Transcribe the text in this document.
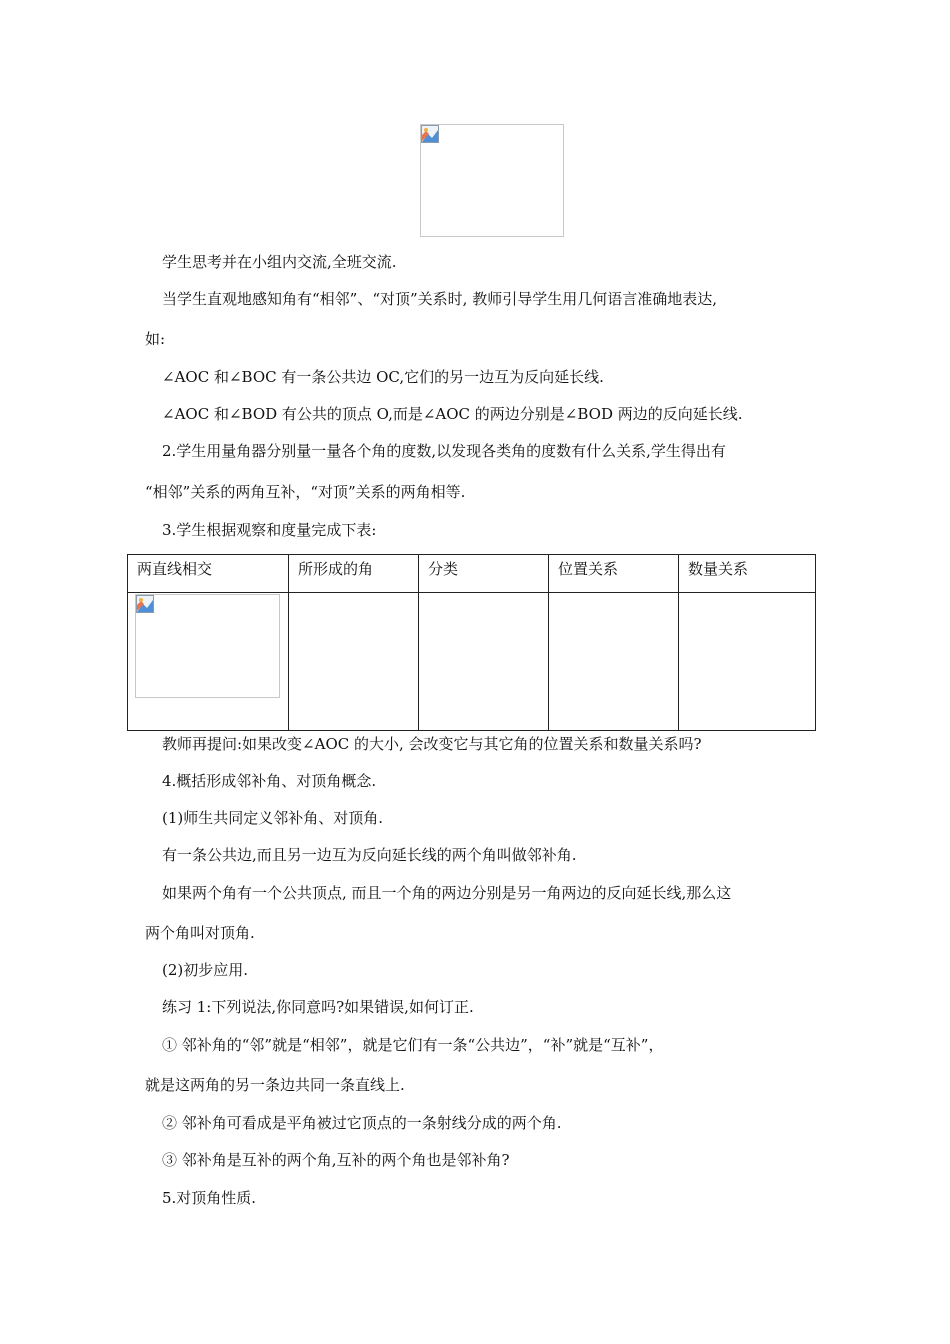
学生思考并在小组内交流,全班交流.
当学生直观地感知角有“相邻”、“对顶”关系时, 教师引导学生用几何语言准确地表达,
如:
∠AOC 和∠BOC 有一条公共边 OC,它们的另一边互为反向延长线.
∠AOC 和∠BOD 有公共的顶点 O,而是∠AOC 的两边分别是∠BOD 两边的反向延长线.
2.学生用量角器分别量一量各个角的度数,以发现各类角的度数有什么关系,学生得出有
“相邻”关系的两角互补，“对顶”关系的两角相等.
3.学生根据观察和度量完成下表:
两直线相交	所形成的角	分类	位置关系	数量关系

教师再提问:如果改变∠AOC 的大小, 会改变它与其它角的位置关系和数量关系吗?
4.概括形成邻补角、对顶角概念.
(1)师生共同定义邻补角、对顶角.
有一条公共边,而且另一边互为反向延长线的两个角叫做邻补角.
如果两个角有一个公共顶点, 而且一个角的两边分别是另一角两边的反向延长线,那么这
两个角叫对顶角.
(2)初步应用.
练习 1:下列说法,你同意吗?如果错误,如何订正.
① 邻补角的“邻”就是“相邻”，就是它们有一条“公共边”，“补”就是“互补”，
就是这两角的另一条边共同一条直线上.
② 邻补角可看成是平角被过它顶点的一条射线分成的两个角.
③ 邻补角是互补的两个角,互补的两个角也是邻补角?
5.对顶角性质.
